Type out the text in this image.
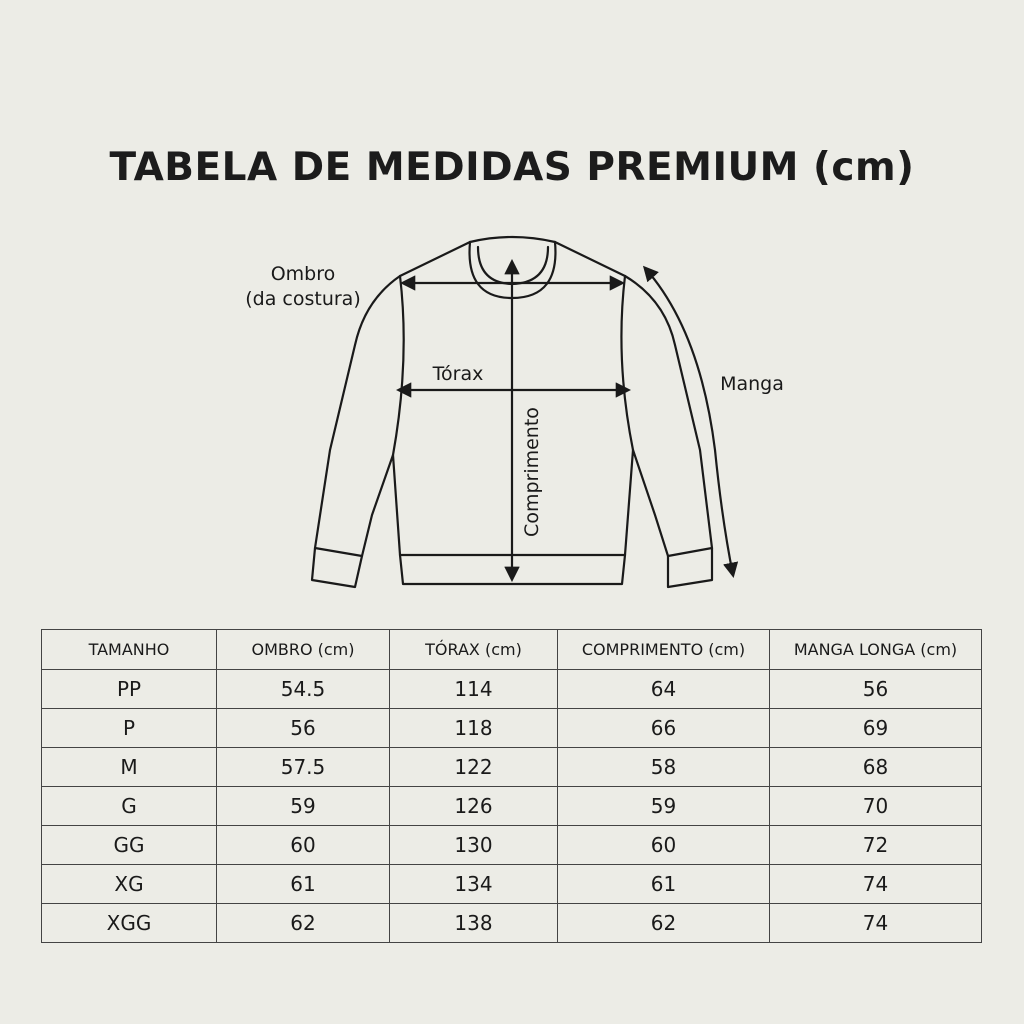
TABELA DE MEDIDAS PREMIUM (cm)
Ombro
(da costura)
Tórax
Comprimento
Manga
TAMANHO	OMBRO (cm)	TÓRAX (cm)	COMPRIMENTO (cm)	MANGA LONGA (cm)
PP	54.5	114	64	56
P	56	118	66	69
M	57.5	122	58	68
G	59	126	59	70
GG	60	130	60	72
XG	61	134	61	74
XGG	62	138	62	74
